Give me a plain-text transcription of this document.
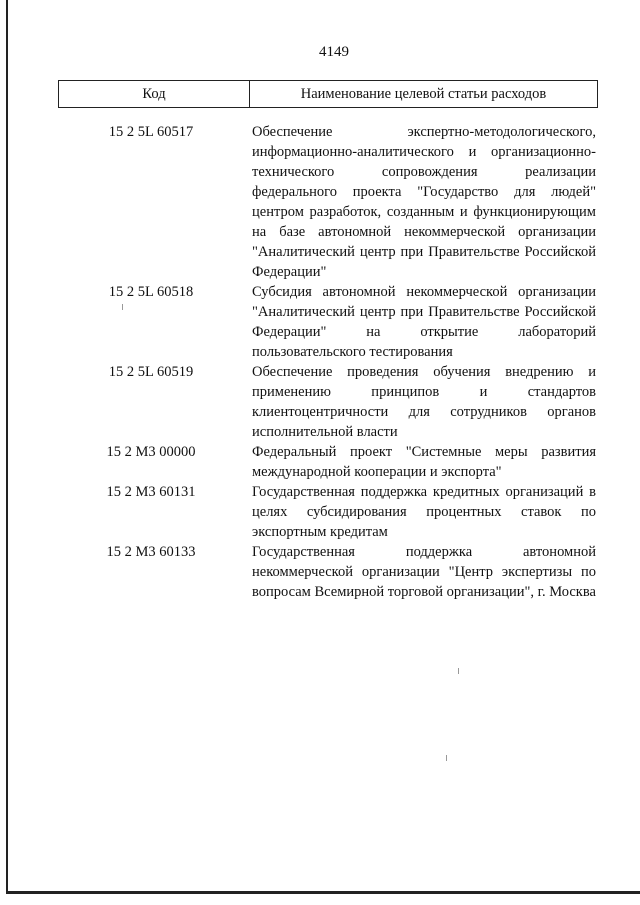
4149
Код	Наименование целевой статьи расходов
15 2 5L 60517	Обеспечение экспертно-методологического, информационно-аналитического и организационно-технического сопровождения реализации федерального проекта "Государство для людей" центром разработок, созданным и функционирующим на базе автономной некоммерческой организации "Аналитический центр при Правительстве Российской Федерации"
15 2 5L 60518	Субсидия автономной некоммерческой организации "Аналитический центр при Правительстве Российской Федерации" на открытие лабораторий пользовательского тестирования
15 2 5L 60519	Обеспечение проведения обучения внедрению и применению принципов и стандартов клиентоцентричности для сотрудников органов исполнительной власти
15 2 М3 00000	Федеральный проект "Системные меры развития международной кооперации и экспорта"
15 2 М3 60131	Государственная поддержка кредитных организаций в целях субсидирования процентных ставок по экспортным кредитам
15 2 М3 60133	Государственная поддержка автономной некоммерческой организации "Центр экспертизы по вопросам Всемирной торговой организации", г. Москва
